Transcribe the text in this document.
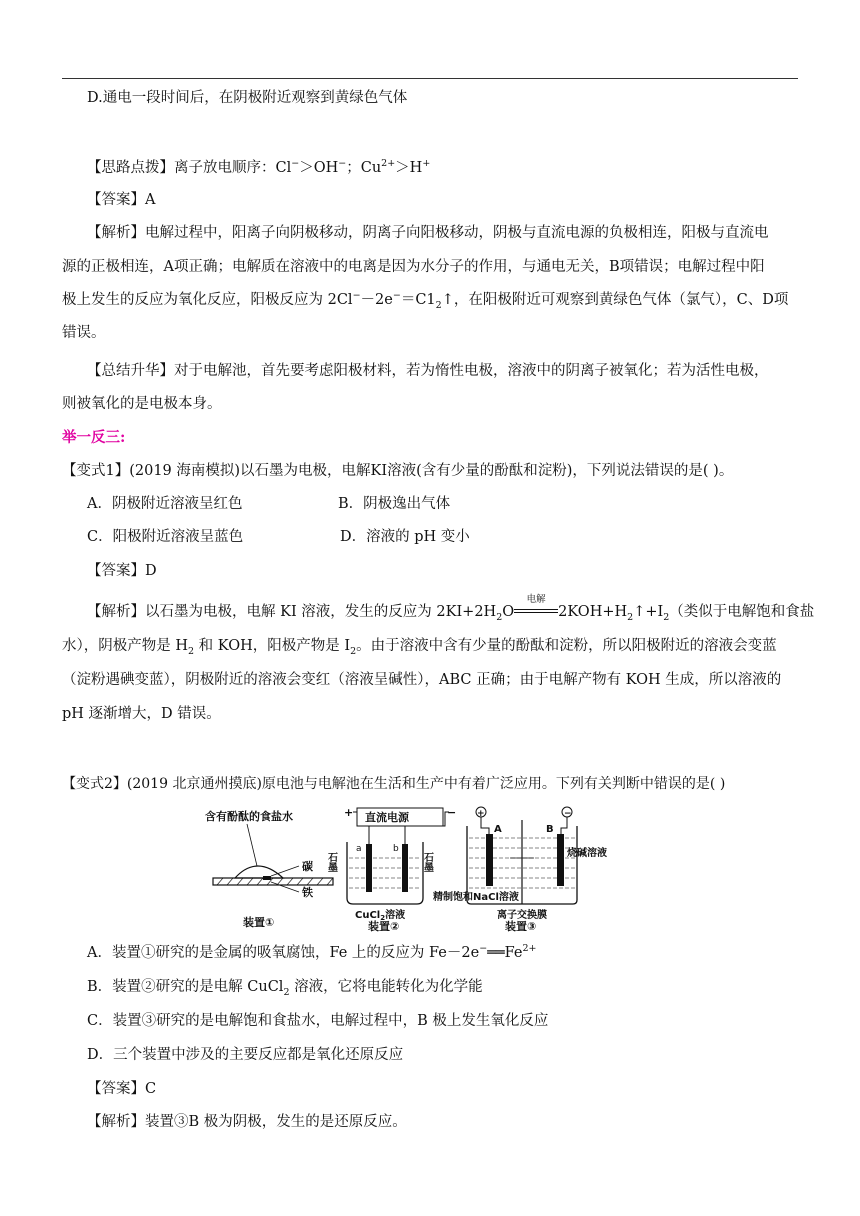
D.通电一段时间后，在阴极附近观察到黄绿色气体
【思路点拨】离子放电顺序：Cl−＞OH−；$Cu^{2+}>H^+$
【答案】A
【解析】电解过程中，阳离子向阴极移动，阴离子向阳极移动，阴极与直流电源的负极相连，阳极与直流电
源的正极相连，A项正确；电解质在溶液中的电离是因为水分子的作用，与通电无关，B项错误；电解过程中阳
极上发生的反应为氧化反应，阳极反应为 $2Cl^--2e^-=C1_2↑$，在阳极附近可观察到黄绿色气体（氯气），C、D项
错误。
【总结升华】对于电解池，首先要考虑阳极材料，若为惰性电极，溶液中的阴离子被氧化；若为活性电极，
则被氧化的是电极本身。
举一反三:
【变式1】(2019 海南模拟)以石墨为电极，电解KI溶液(含有少量的酚酞和淀粉)，下列说法错误的是( )。
A．阴极附近溶液呈红色	B．阴极逸出气体
C．阳极附近溶液呈蓝色	D．溶液的 pH 变小
【答案】D
【解析】以石墨为电极，电解 KI 溶液，发生的反应为 $2KI+2H_2O$
电解
$2KOH+H_2↑+I_2$（类似于电解饱和食盐
水），阴极产物是 $H_2$ 和 KOH，阳极产物是 $I_2$。由于溶液中含有少量的酚酞和淀粉，所以阳极附近的溶液会变蓝
（淀粉遇碘变蓝），阴极附近的溶液会变红（溶液呈碱性），ABC 正确；由于电解产物有 KOH 生成，所以溶液的
pH 逐渐增大，D 错误。
【变式2】(2019 北京通州摸底)原电池与电解池在生活和生产中有着广泛应用。下列有关判断中错误的是( )
含有酚酞的食盐水
碳
铁
装置①
+	−
直流电源
a	b
石墨	石墨
CuCl$_2$溶液
装置②
+	−
A	B
烧碱溶液
精制饱和NaCl溶液
离子交换膜
装置③
A．装置①研究的是金属的吸氧腐蚀，Fe 上的反应为 $Fe-2e^-══Fe^{2+}$
B．装置②研究的是电解 CuCl$_2$ 溶液，它将电能转化为化学能
C．装置③研究的是电解饱和食盐水，电解过程中，B 极上发生氧化反应
D．三个装置中涉及的主要反应都是氧化还原反应
【答案】C
【解析】装置③B 极为阴极，发生的是还原反应。
